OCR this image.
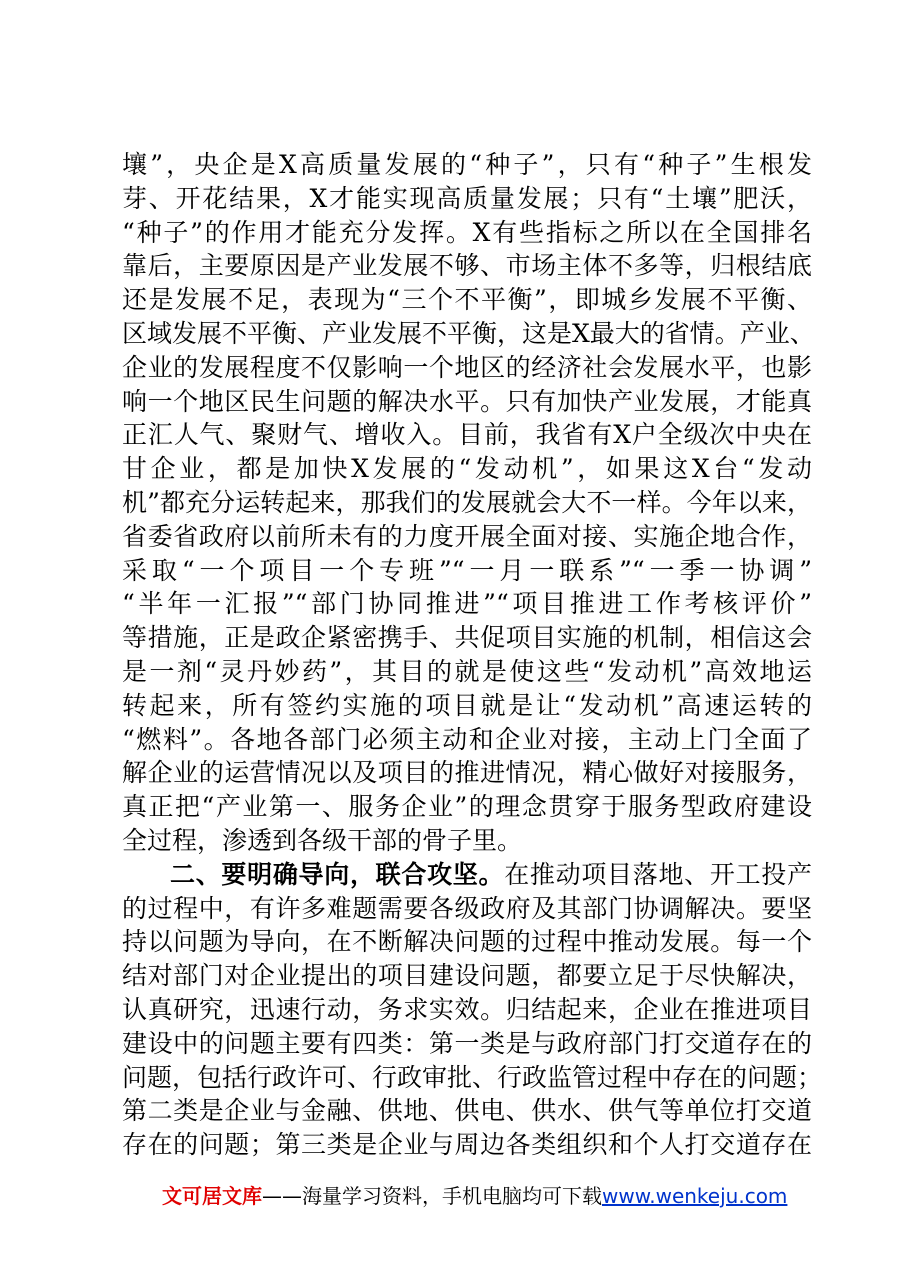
壤”，央企是X高质量发展的“种子”，只有“种子”生根发
芽、开花结果，X才能实现高质量发展；只有“土壤”肥沃，
“种子”的作用才能充分发挥。X有些指标之所以在全国排名
靠后，主要原因是产业发展不够、市场主体不多等，归根结底
还是发展不足，表现为“三个不平衡”，即城乡发展不平衡、
区域发展不平衡、产业发展不平衡，这是X最大的省情。产业、
企业的发展程度不仅影响一个地区的经济社会发展水平，也影
响一个地区民生问题的解决水平。只有加快产业发展，才能真
正汇人气、聚财气、增收入。目前，我省有X户全级次中央在
甘企业，都是加快X发展的“发动机”，如果这X台“发动
机”都充分运转起来，那我们的发展就会大不一样。今年以来，
省委省政府以前所未有的力度开展全面对接、实施企地合作，
采取“一个项目一个专班”“一月一联系”“一季一协调”
“半年一汇报”“部门协同推进”“项目推进工作考核评价”
等措施，正是政企紧密携手、共促项目实施的机制，相信这会
是一剂“灵丹妙药”，其目的就是使这些“发动机”高效地运
转起来，所有签约实施的项目就是让“发动机”高速运转的
“燃料”。各地各部门必须主动和企业对接，主动上门全面了
解企业的运营情况以及项目的推进情况，精心做好对接服务，
真正把“产业第一、服务企业”的理念贯穿于服务型政府建设
全过程，渗透到各级干部的骨子里。
二、要明确导向，联合攻坚。在推动项目落地、开工投产
的过程中，有许多难题需要各级政府及其部门协调解决。要坚
持以问题为导向，在不断解决问题的过程中推动发展。每一个
结对部门对企业提出的项目建设问题，都要立足于尽快解决，
认真研究，迅速行动，务求实效。归结起来，企业在推进项目
建设中的问题主要有四类：第一类是与政府部门打交道存在的
问题，包括行政许可、行政审批、行政监管过程中存在的问题；
第二类是企业与金融、供地、供电、供水、供气等单位打交道
存在的问题；第三类是企业与周边各类组织和个人打交道存在
文可居文库——海量学习资料，手机电脑均可下载www.wenkeju.com
